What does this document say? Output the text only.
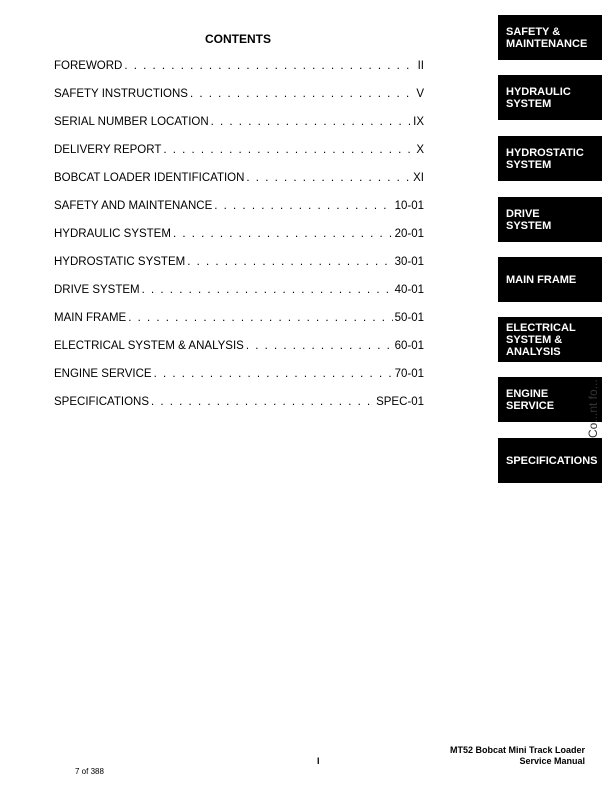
CONTENTS
FOREWORD . . .	II
SAFETY INSTRUCTIONS . . .	V
SERIAL NUMBER LOCATION . . .	IX
DELIVERY REPORT . . .	X
BOBCAT LOADER IDENTIFICATION . . .	XI
SAFETY AND MAINTENANCE . . .	10-01
HYDRAULIC SYSTEM . . .	20-01
HYDROSTATIC SYSTEM . . .	30-01
DRIVE SYSTEM . . .	40-01
MAIN FRAME . . .	50-01
ELECTRICAL SYSTEM & ANALYSIS . . .	60-01
ENGINE SERVICE . . .	70-01
SPECIFICATIONS . . .	SPEC-01
SAFETY &
MAINTENANCE
HYDRAULIC
SYSTEM
HYDROSTATIC
SYSTEM
DRIVE
SYSTEM
MAIN FRAME
ELECTRICAL
SYSTEM &
ANALYSIS
ENGINE
SERVICE
SPECIFICATIONS
Co...nt fo...
I
MT52 Bobcat Mini Track Loader
Service Manual
7 of 388
